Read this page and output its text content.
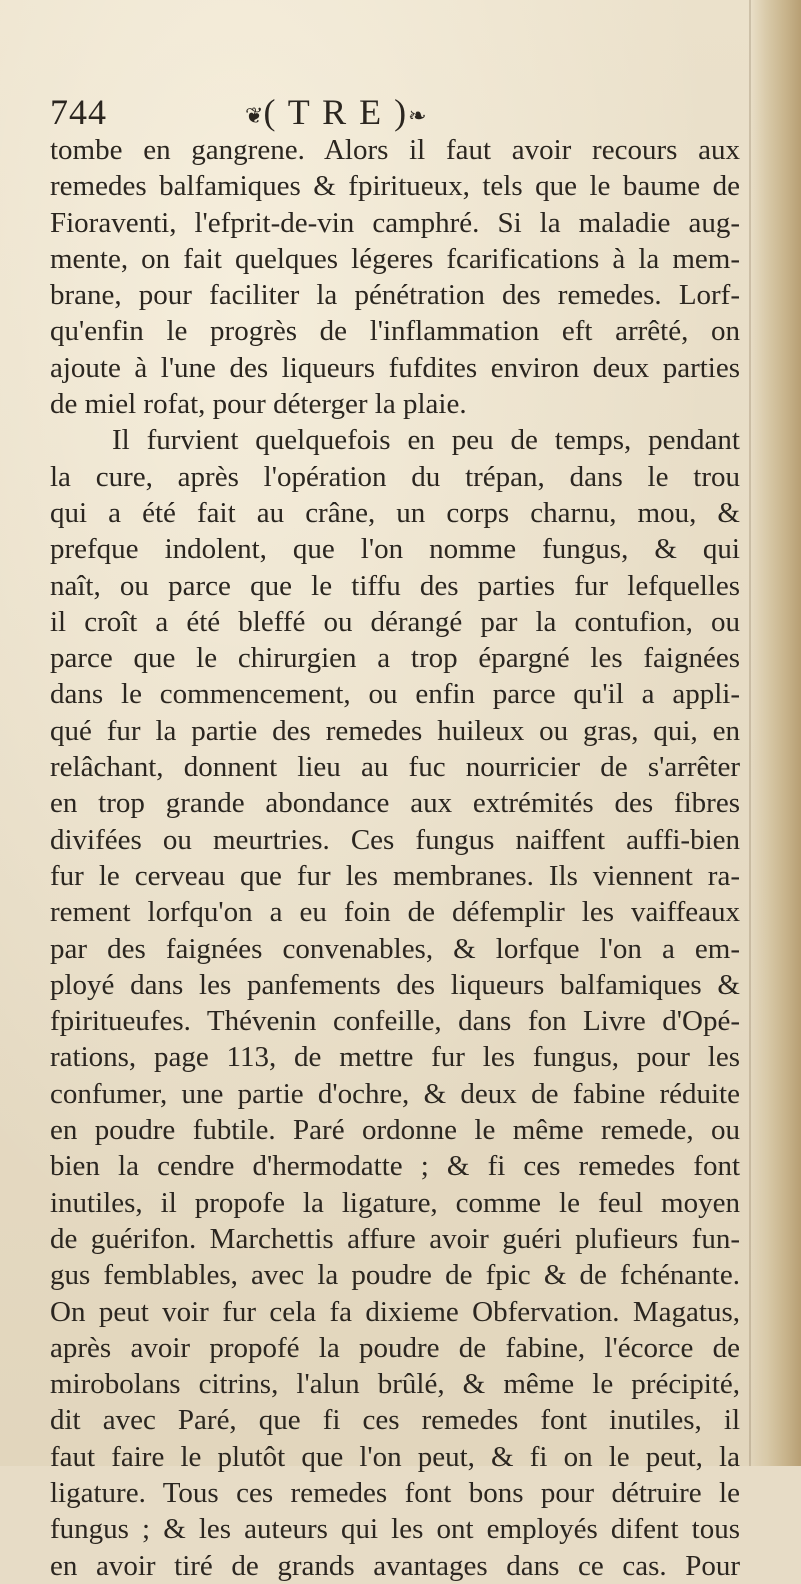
744	❦( T R E )❧
tombe en gangrene. Alors il faut avoir recours aux
remedes balfamiques & fpiritueux, tels que le baume de
Fioraventi, l'efprit-de-vin camphré. Si la maladie aug-
mente, on fait quelques légeres fcarifications à la mem-
brane, pour faciliter la pénétration des remedes. Lorf-
qu'enfin le progrès de l'inflammation eft arrêté, on
ajoute à l'une des liqueurs fufdites environ deux parties
de miel rofat, pour déterger la plaie.
Il furvient quelquefois en peu de temps, pendant
la cure, après l'opération du trépan, dans le trou
qui a été fait au crâne, un corps charnu, mou, &
prefque indolent, que l'on nomme fungus, & qui
naît, ou parce que le tiffu des parties fur lefquelles
il croît a été bleffé ou dérangé par la contufion, ou
parce que le chirurgien a trop épargné les faignées
dans le commencement, ou enfin parce qu'il a appli-
qué fur la partie des remedes huileux ou gras, qui, en
relâchant, donnent lieu au fuc nourricier de s'arrêter
en trop grande abondance aux extrémités des fibres
divifées ou meurtries. Ces fungus naiffent auffi-bien
fur le cerveau que fur les membranes. Ils viennent ra-
rement lorfqu'on a eu foin de défemplir les vaiffeaux
par des faignées convenables, & lorfque l'on a em-
ployé dans les panfements des liqueurs balfamiques &
fpiritueufes. Thévenin confeille, dans fon Livre d'Opé-
rations, page 113, de mettre fur les fungus, pour les
confumer, une partie d'ochre, & deux de fabine réduite
en poudre fubtile. Paré ordonne le même remede, ou
bien la cendre d'hermodatte ; & fi ces remedes font
inutiles, il propofe la ligature, comme le feul moyen
de guérifon. Marchettis affure avoir guéri plufieurs fun-
gus femblables, avec la poudre de fpic & de fchénante.
On peut voir fur cela fa dixieme Obfervation. Magatus,
après avoir propofé la poudre de fabine, l'écorce de
mirobolans citrins, l'alun brûlé, & même le précipité,
dit avec Paré, que fi ces remedes font inutiles, il
faut faire le plutôt que l'on peut, & fi on le peut, la
ligature. Tous ces remedes font bons pour détruire le
fungus ; & les auteurs qui les ont employés difent tous
en avoir tiré de grands avantages dans ce cas. Pour
